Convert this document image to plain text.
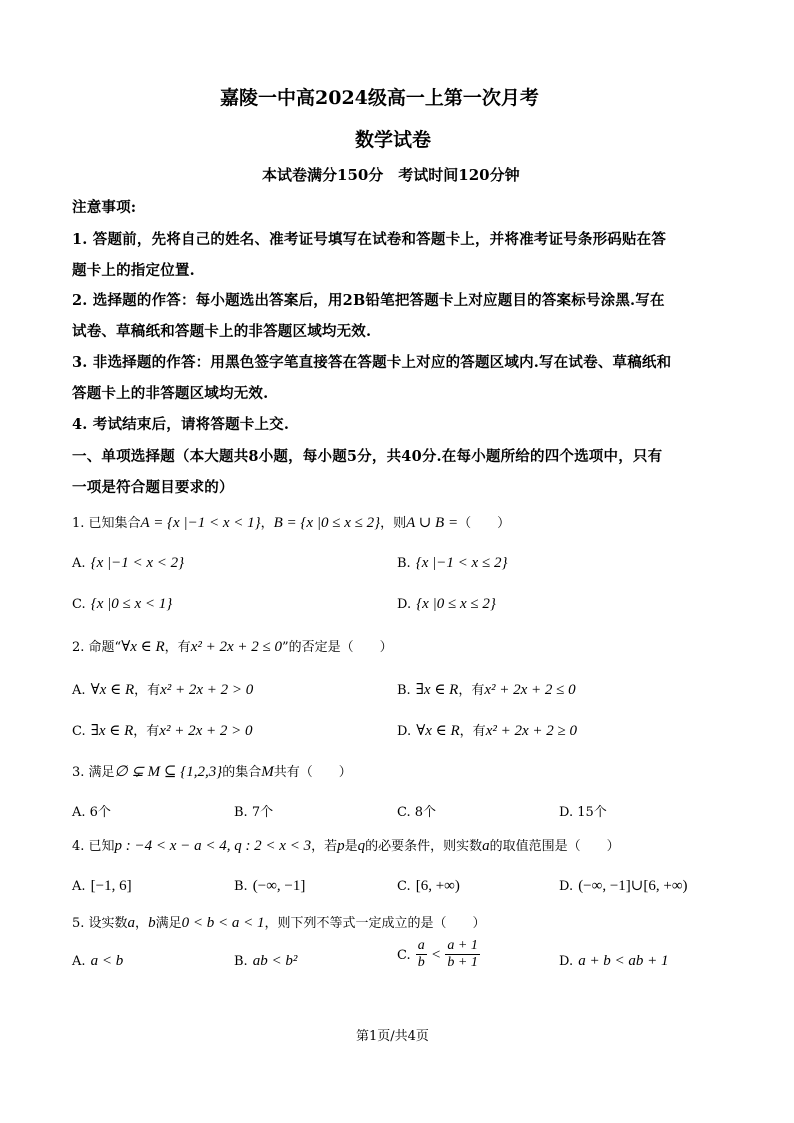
嘉陵一中高2024级高一上第一次月考
数学试卷
本试卷满分150分　考试时间120分钟
注意事项:
1. 答题前，先将自己的姓名、准考证号填写在试卷和答题卡上，并将准考证号条形码贴在答
题卡上的指定位置.
2. 选择题的作答：每小题选出答案后，用2B铅笔把答题卡上对应题目的答案标号涂黑.写在
试卷、草稿纸和答题卡上的非答题区域均无效.
3. 非选择题的作答：用黑色签字笔直接答在答题卡上对应的答题区域内.写在试卷、草稿纸和
答题卡上的非答题区域均无效.
4. 考试结束后，请将答题卡上交.
一、单项选择题（本大题共8小题，每小题5分，共40分.在每小题所给的四个选项中，只有
一项是符合题目要求的）
1. 已知集合A = {x |−1 < x < 1}，B = {x |0 ≤ x ≤ 2}，则A ∪ B =（　　）
A. {x |−1 < x < 2}	B. {x |−1 < x ≤ 2}
C. {x |0 ≤ x < 1}	D. {x |0 ≤ x ≤ 2}
2. 命题“∀x ∈ R，有x² + 2x + 2 ≤ 0”的否定是（　　）
A. ∀x ∈ R，有x² + 2x + 2 > 0	B. ∃x ∈ R，有x² + 2x + 2 ≤ 0
C. ∃x ∈ R，有x² + 2x + 2 > 0	D. ∀x ∈ R，有x² + 2x + 2 ≥ 0
3. 满足∅ ⊊ M ⊆ {1,2,3}的集合M共有（　　）
A. 6个	B. 7个	C. 8个	D. 15个
4. 已知p : −4 < x − a < 4, q : 2 < x < 3，若p是q的必要条件，则实数a的取值范围是（　　）
A. [−1, 6]	B. (−∞, −1]	C. [6, +∞)	D. (−∞, −1]∪[6, +∞)
5. 设实数a，b满足0 < b < a < 1，则下列不等式一定成立的是（　　）
A. a < b	B. ab < b²	C. $\frac{a}{b} < \frac{a + 1}{b + 1}$	D. a + b < ab + 1
第1页/共4页
